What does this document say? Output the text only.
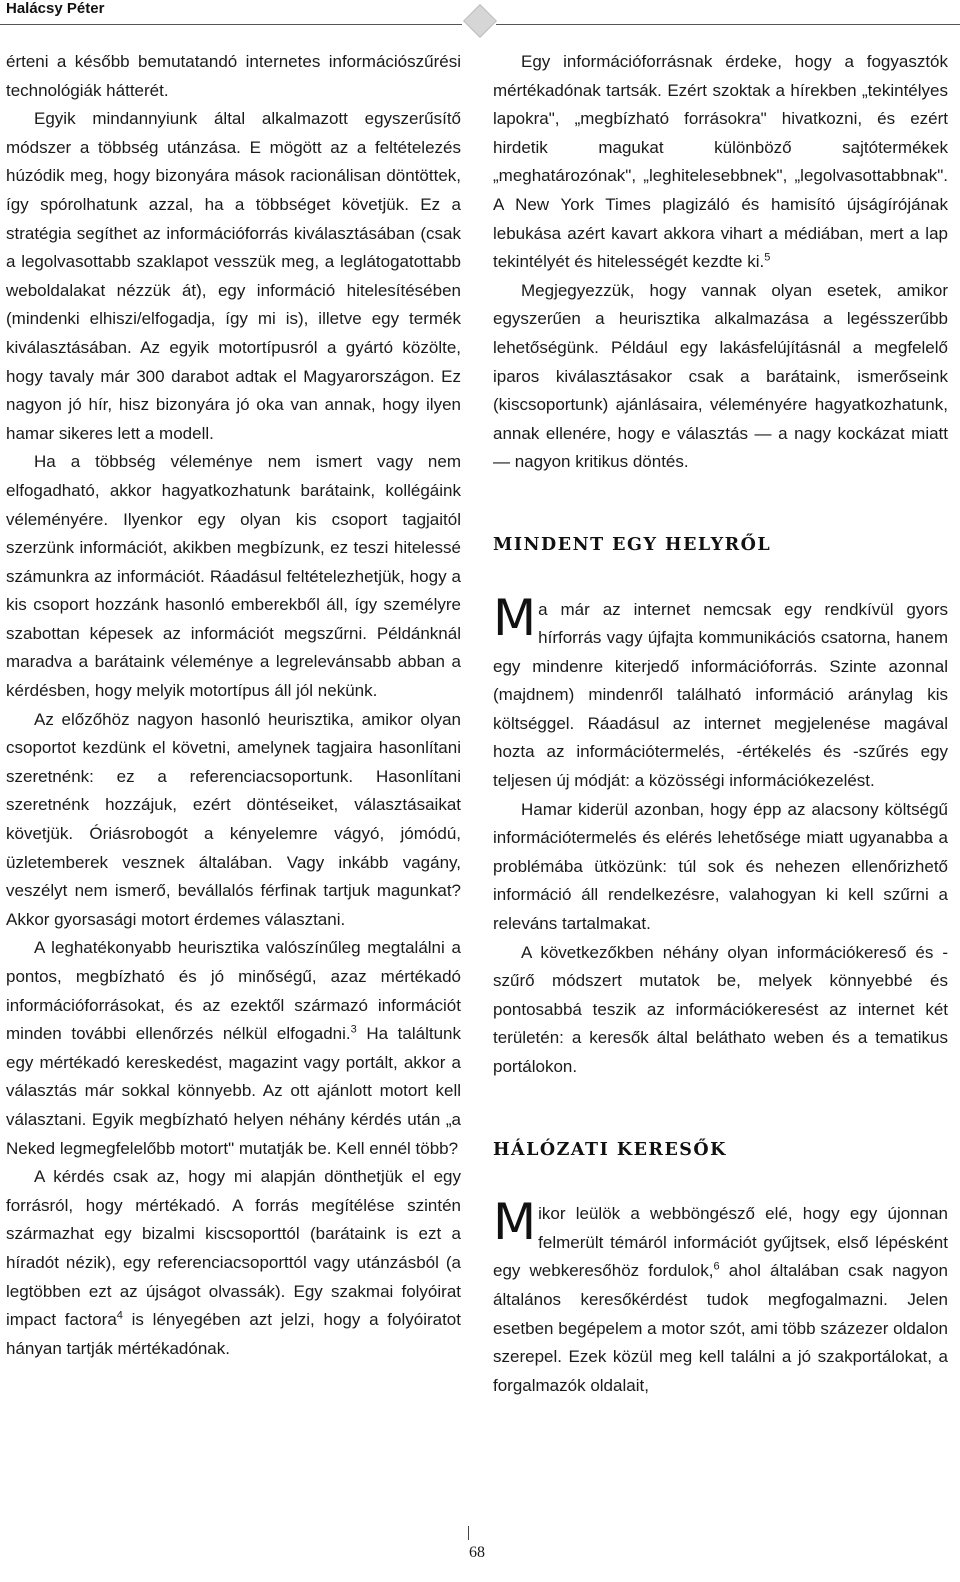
Halácsy Péter

érteni a később bemutatandó internetes információszűrési technológiák hátterét.

Egyik mindannyiunk által alkalmazott egyszerűsítő módszer a többség utánzása. E mögött az a feltételezés húzódik meg, hogy bizonyára mások racionálisan döntöttek, így spórolhatunk azzal, ha a többséget követjük. Ez a stratégia segíthet az információforrás kiválasztásában (csak a legolvasottabb szaklapot vesszük meg, a leglátogatottabb weboldalakat nézzük át), egy információ hitelesítésében (mindenki elhiszi/elfogadja, így mi is), illetve egy termék kiválasztásában. Az egyik motortípusról a gyártó közölte, hogy tavaly már 300 darabot adtak el Magyarországon. Ez nagyon jó hír, hisz bizonyára jó oka van annak, hogy ilyen hamar sikeres lett a modell.

Ha a többség véleménye nem ismert vagy nem elfogadható, akkor hagyatkozhatunk barátaink, kollégáink véleményére. Ilyenkor egy olyan kis csoport tagjaitól szerzünk információt, akikben megbízunk, ez teszi hitelessé számunkra az információt. Ráadásul feltételezhetjük, hogy a kis csoport hozzánk hasonló emberekből áll, így személyre szabottan képesek az információt megszűrni. Példánknál maradva a barátaink véleménye a legrelevánsabb abban a kérdésben, hogy melyik motortípus áll jól nekünk.

Az előzőhöz nagyon hasonló heurisztika, amikor olyan csoportot kezdünk el követni, amelynek tagjaira hasonlítani szeretnénk: ez a referenciacsoportunk. Hasonlítani szeretnénk hozzájuk, ezért döntéseiket, választásaikat követjük. Óriásrobogót a kényelemre vágyó, jómódú, üzletemberek vesznek általában. Vagy inkább vagány, veszélyt nem ismerő, bevállalós férfinak tartjuk magunkat? Akkor gyorsasági motort érdemes választani.

A leghatékonyabb heurisztika valószínűleg megtalálni a pontos, megbízható és jó minőségű, azaz mértékadó információforrásokat, és az ezektől származó információt minden további ellenőrzés nélkül elfogadni.$^3$ Ha találtunk egy mértékadó kereskedést, magazint vagy portált, akkor a választás már sokkal könnyebb. Az ott ajánlott motort kell választani. Egyik megbízható helyen néhány kérdés után „a Neked legmegfelelőbb motort" mutatják be. Kell ennél több?

A kérdés csak az, hogy mi alapján dönthetjük el egy forrásról, hogy mértékadó. A forrás megítélése szintén származhat egy bizalmi kiscsoporttól (barátaink is ezt a híradót nézik), egy referenciacsoporttól vagy utánzásból (a legtöbben ezt az újságot olvassák). Egy szakmai folyóirat impact factora$^4$ is lényegében azt jelzi, hogy a folyóiratot hányan tartják mértékadónak.

Egy információforrásnak érdeke, hogy a fogyasztók mértékadónak tartsák. Ezért szoktak a hírekben „tekintélyes lapokra", „megbízható forrásokra" hivatkozni, és ezért hirdetik magukat különböző sajtótermékek „meghatározónak", „leghitelesebbnek", „legolvasottabbnak". A New York Times plagizáló és hamisító újságírójának lebukása azért kavart akkora vihart a médiában, mert a lap tekintélyét és hitelességét kezdte ki.$^5$

Megjegyezzük, hogy vannak olyan esetek, amikor egyszerűen a heurisztika alkalmazása a legésszerűbb lehetőségünk. Például egy lakásfelújításnál a megfelelő iparos kiválasztásakor csak a barátaink, ismerőseink (kiscsoportunk) ajánlásaira, véleményére hagyatkozhatunk, annak ellenére, hogy e választás — a nagy kockázat miatt — nagyon kritikus döntés.

MINDENT EGY HELYRŐL

Ma már az internet nemcsak egy rendkívül gyors hírforrás vagy újfajta kommunikációs csatorna, hanem egy mindenre kiterjedő információforrás. Szinte azonnal (majdnem) mindenről található információ aránylag kis költséggel. Ráadásul az internet megjelenése magával hozta az információtermelés, -értékelés és -szűrés egy teljesen új módját: a közösségi információkezelést.

Hamar kiderül azonban, hogy épp az alacsony költségű információtermelés és elérés lehetősége miatt ugyanabba a problémába ütközünk: túl sok és nehezen ellenőrizhető információ áll rendelkezésre, valahogyan ki kell szűrni a releváns tartalmakat.

A következőkben néhány olyan információkereső és -szűrő módszert mutatok be, melyek könnyebbé és pontosabbá teszik az információkeresést az internet két területén: a keresők által beláthato weben és a tematikus portálokon.

HÁLÓZATI KERESŐK

Mikor leülök a webböngésző elé, hogy egy újonnan felmerült témáról információt gyűjtsek, első lépésként egy webkeresőhöz fordulok,$^6$ ahol általában csak nagyon általános keresőkérdést tudok megfogalmazni. Jelen esetben begépelem a motor szót, ami több százezer oldalon szerepel. Ezek közül meg kell találni a jó szakportálokat, a forgalmazók oldalait,

68
